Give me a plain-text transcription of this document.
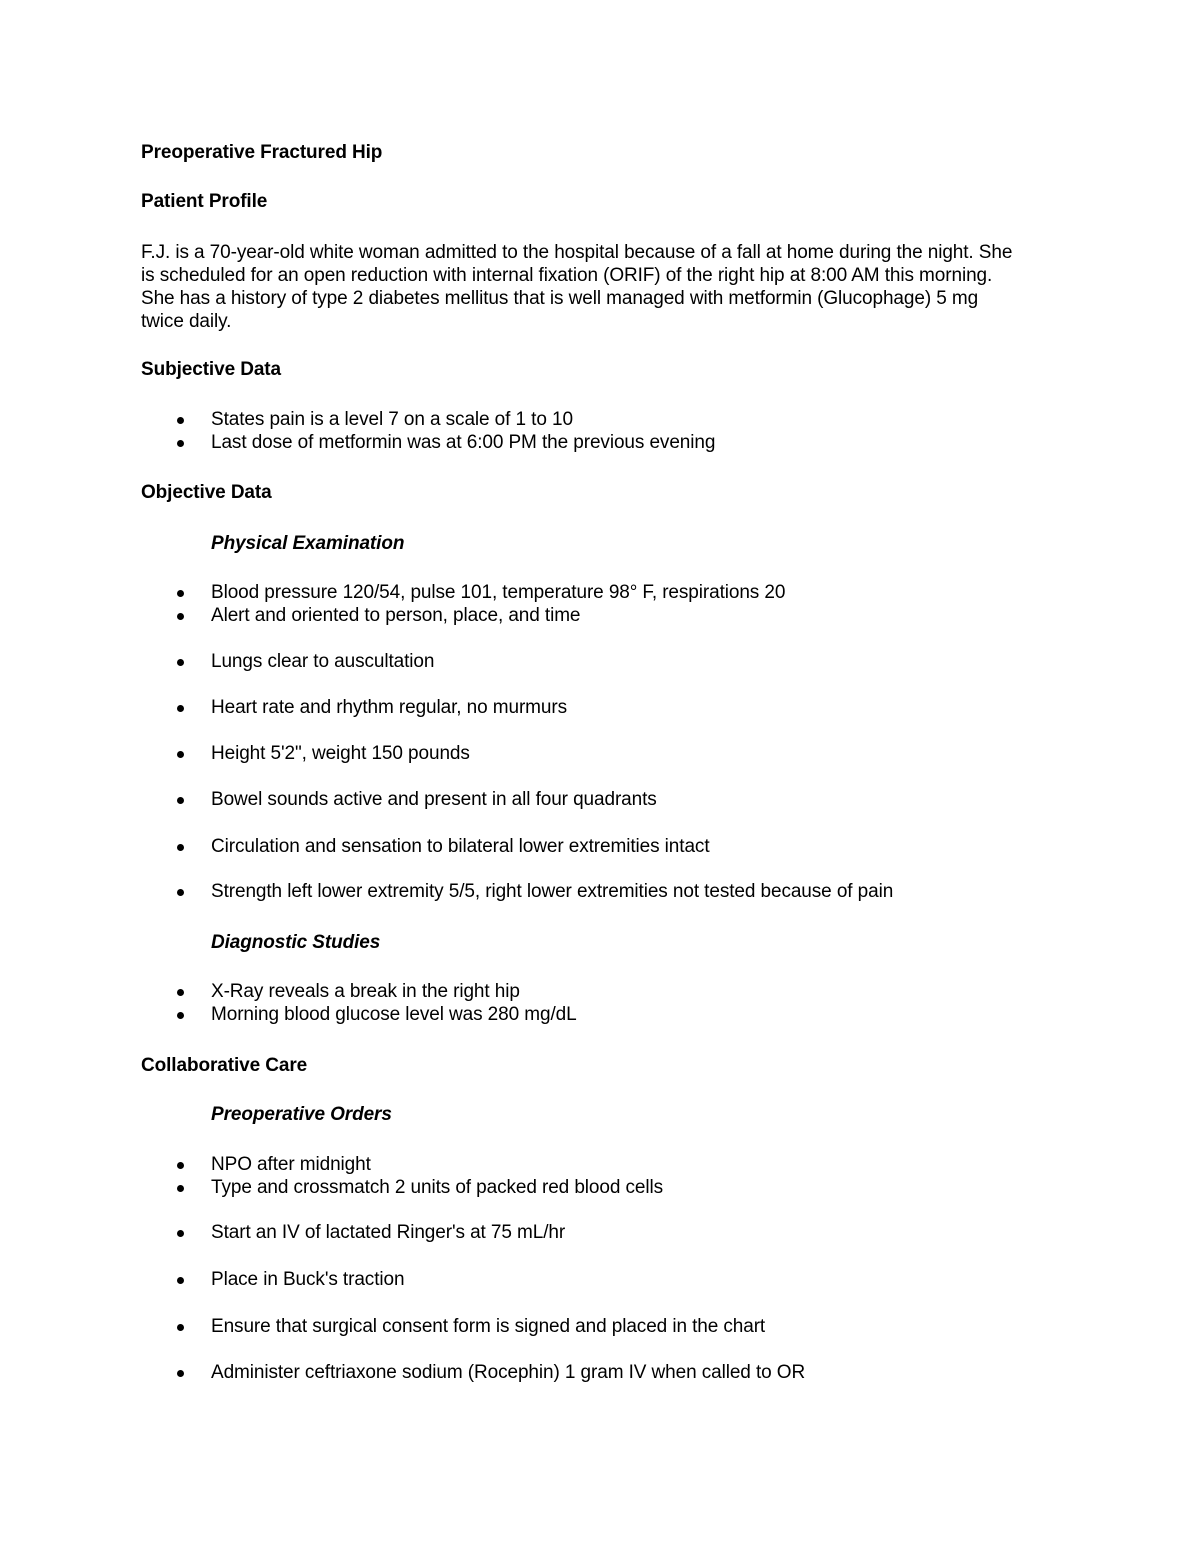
Preoperative Fractured Hip
Patient Profile
F.J. is a 70-year-old white woman admitted to the hospital because of a fall at home during the night. She
is scheduled for an open reduction with internal fixation (ORIF) of the right hip at 8:00 AM this morning.
She has a history of type 2 diabetes mellitus that is well managed with metformin (Glucophage) 5 mg
twice daily.
Subjective Data
States pain is a level 7 on a scale of 1 to 10
Last dose of metformin was at 6:00 PM the previous evening
Objective Data
Physical Examination
Blood pressure 120/54, pulse 101, temperature 98° F, respirations 20
Alert and oriented to person, place, and time
Lungs clear to auscultation
Heart rate and rhythm regular, no murmurs
Height 5'2", weight 150 pounds
Bowel sounds active and present in all four quadrants
Circulation and sensation to bilateral lower extremities intact
Strength left lower extremity 5/5, right lower extremities not tested because of pain
Diagnostic Studies
X-Ray reveals a break in the right hip
Morning blood glucose level was 280 mg/dL
Collaborative Care
Preoperative Orders
NPO after midnight
Type and crossmatch 2 units of packed red blood cells
Start an IV of lactated Ringer's at 75 mL/hr
Place in Buck's traction
Ensure that surgical consent form is signed and placed in the chart
Administer ceftriaxone sodium (Rocephin) 1 gram IV when called to OR
